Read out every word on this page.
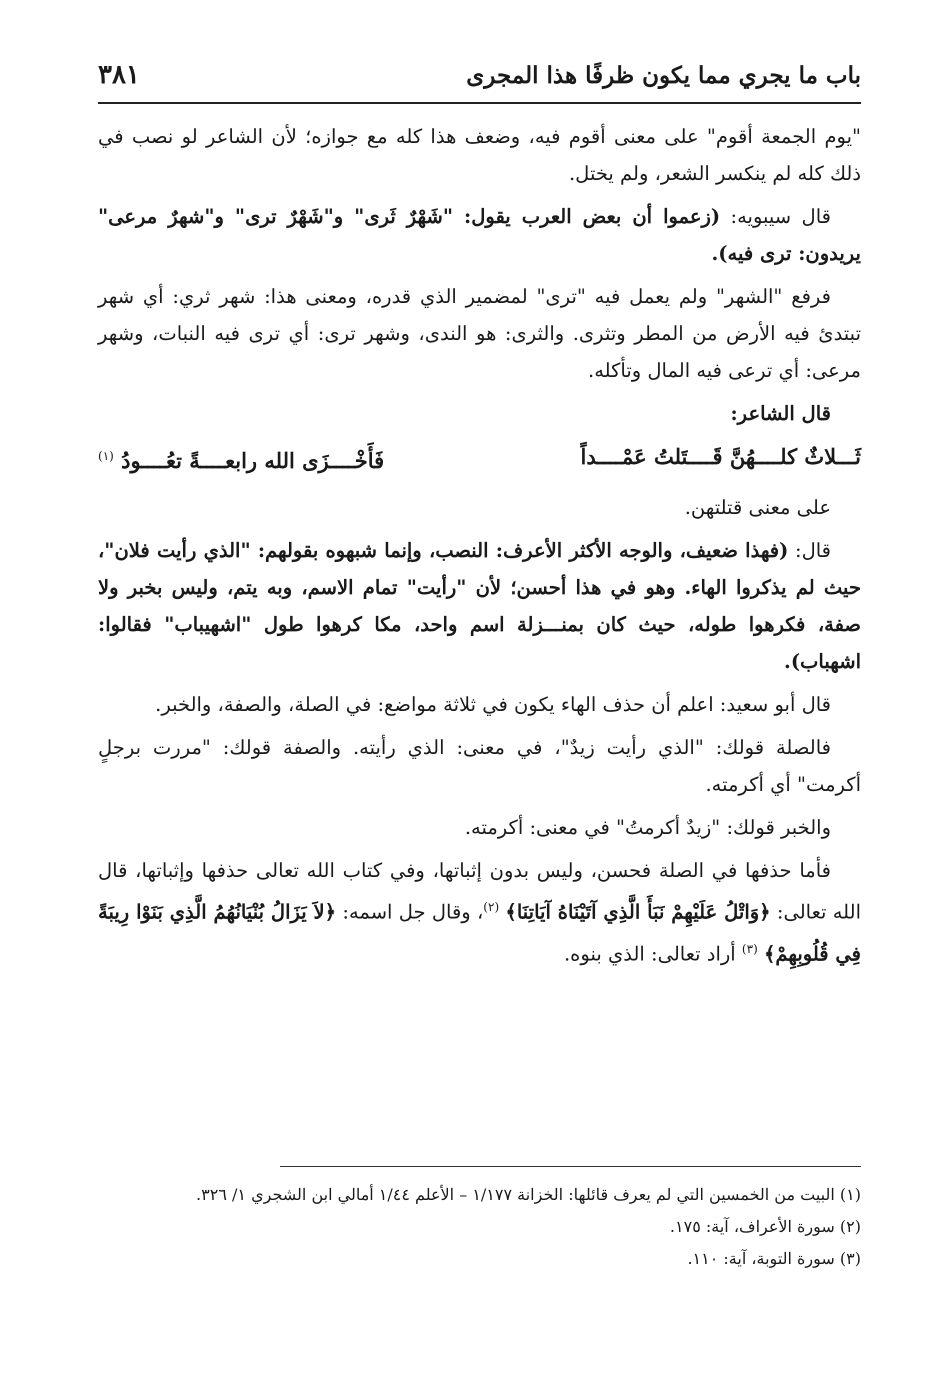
باب ما يجري مما يكون ظرفًا هذا المجرى
٣٨١

"يوم الجمعة أقوم" على معنى أقوم فيه، وضعف هذا كله مع جوازه؛ لأن الشاعر لو نصب في ذلك كله لم ينكسر الشعر، ولم يختل.

قال سيبويه: (زعموا أن بعض العرب يقول: "شَهْرٌ ثَرى" و"شَهْرٌ ترى" و"شهرٌ مرعى" يريدون: ترى فيه).

فرفع "الشهر" ولم يعمل فيه "ترى" لمضمير الذي قدره، ومعنى هذا: شهر ثري: أي شهر تبتدئ فيه الأرض من المطر وتثرى. والثرى: هو الندى، وشهر ترى: أي ترى فيه النبات، وشهر مرعى: أي ترعى فيه المال وتأكله.

قال الشاعر:

ثَـــلاثٌ كلــــهُنَّ قَــــتَلتُ عَمْــــداً
فَأَخْــــزَى الله رابعــــةً تعُــــودُ $^{(١)}$

على معنى قتلتهن.

قال: (فهذا ضعيف، والوجه الأكثر الأعرف: النصب، وإنما شبهوه بقولهم: "الذي رأيت فلان"، حيث لم يذكروا الهاء. وهو في هذا أحسن؛ لأن "رأيت" تمام الاسم، وبه يتم، وليس بخبر ولا صفة، فكرهوا طوله، حيث كان بمنـــزلة اسم واحد، مكا كرهوا طول "اشهيباب" فقالوا: اشهباب).

قال أبو سعيد: اعلم أن حذف الهاء يكون في ثلاثة مواضع: في الصلة، والصفة، والخبر.

فالصلة قولك: "الذي رأيت زيدٌ"، في معنى: الذي رأيته. والصفة قولك: "مررت برجلٍ أكرمت" أي أكرمته.

والخبر قولك: "زيدٌ أكرمتُ" في معنى: أكرمته.

فأما حذفها في الصلة فحسن، وليس بدون إثباتها، وفي كتاب الله تعالى حذفها وإثباتها، قال الله تعالى: ﴿وَاتْلُ عَلَيْهِمْ نَبَأَ الَّذِي آتَيْنَاهُ آيَاتِنَا﴾ $^{(٢)}$، وقال جل اسمه: ﴿لاَ يَزَالُ بُنْيَانُهُمُ الَّذِي بَنَوْا رِيبَةً فِي قُلُوبِهِمْ﴾ $^{(٣)}$ أراد تعالى: الذي بنوه.

(١) البيت من الخمسين التي لم يعرف قائلها: الخزانة ١/١٧٧ – الأعلم ١/٤٤ أمالي ابن الشجري ١/ ٣٢٦.

(٢) سورة الأعراف، آية: ١٧٥.

(٣) سورة التوبة، آية: ١١٠.
